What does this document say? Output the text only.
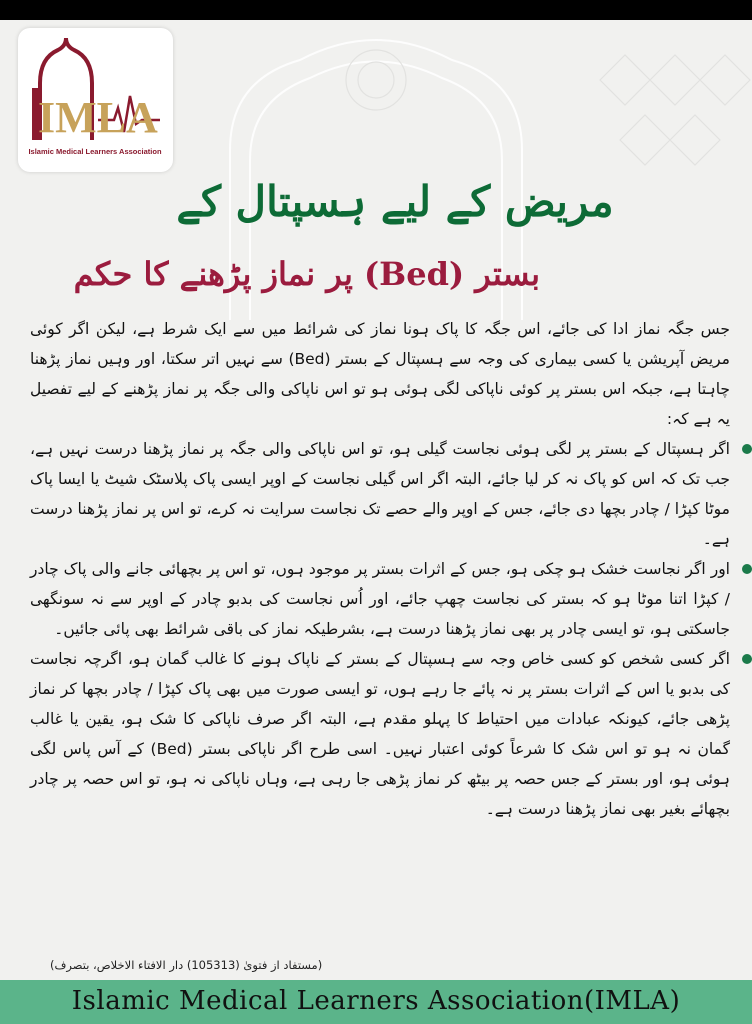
IMLA
Islamic Medical Learners Association
مریض کے لیے ہسپتال کے
بستر (Bed) پر نماز پڑھنے کا حکم

جس جگہ نماز ادا کی جائے، اس جگہ کا پاک ہونا نماز کی شرائط میں سے ایک شرط ہے، لیکن اگر کوئی مریض آپریشن یا کسی بیماری کی وجہ سے ہسپتال کے بستر (Bed) سے نہیں اتر سکتا، اور وہیں نماز پڑھنا چاہتا ہے، جبکہ اس بستر پر کوئی ناپاکی لگی ہوئی ہو تو اس ناپاکی والی جگہ پر نماز پڑھنے کے لیے تفصیل یہ ہے کہ:

اگر ہسپتال کے بستر پر لگی ہوئی نجاست گیلی ہو، تو اس ناپاکی والی جگہ پر نماز پڑھنا درست نہیں ہے، جب تک کہ اس کو پاک نہ کر لیا جائے، البتہ اگر اس گیلی نجاست کے اوپر ایسی پاک پلاسٹک شیٹ یا ایسا پاک موٹا کپڑا / چادر بچھا دی جائے، جس کے اوپر والے حصے تک نجاست سرایت نہ کرے، تو اس پر نماز پڑھنا درست ہے۔
اور اگر نجاست خشک ہو چکی ہو، جس کے اثرات بستر پر موجود ہوں، تو اس پر بچھائی جانے والی پاک چادر / کپڑا اتنا موٹا ہو کہ بستر کی نجاست چھپ جائے، اور اُس نجاست کی بدبو چادر کے اوپر سے نہ سونگھی جاسکتی ہو، تو ایسی چادر پر بھی نماز پڑھنا درست ہے، بشرطیکہ نماز کی باقی شرائط بھی پائی جائیں۔
اگر کسی شخص کو کسی خاص وجہ سے ہسپتال کے بستر کے ناپاک ہونے کا غالب گمان ہو، اگرچہ نجاست کی بدبو یا اس کے اثرات بستر پر نہ پائے جا رہے ہوں، تو ایسی صورت میں بھی پاک کپڑا / چادر بچھا کر نماز پڑھی جائے، کیونکہ عبادات میں احتیاط کا پہلو مقدم ہے، البتہ اگر صرف ناپاکی کا شک ہو، یقین یا غالب گمان نہ ہو تو اس شک کا شرعاً کوئی اعتبار نہیں۔ اسی طرح اگر ناپاکی بستر (Bed) کے آس پاس لگی ہوئی ہو، اور بستر کے جس حصہ پر بیٹھ کر نماز پڑھی جا رہی ہے، وہاں ناپاکی نہ ہو، تو اس حصہ پر چادر بچھائے بغیر بھی نماز پڑھنا درست ہے۔
(مستفاد از فتویٰ (105313) دار الافتاء الاخلاص، بتصرف)
Islamic Medical Learners Association(IMLA)
